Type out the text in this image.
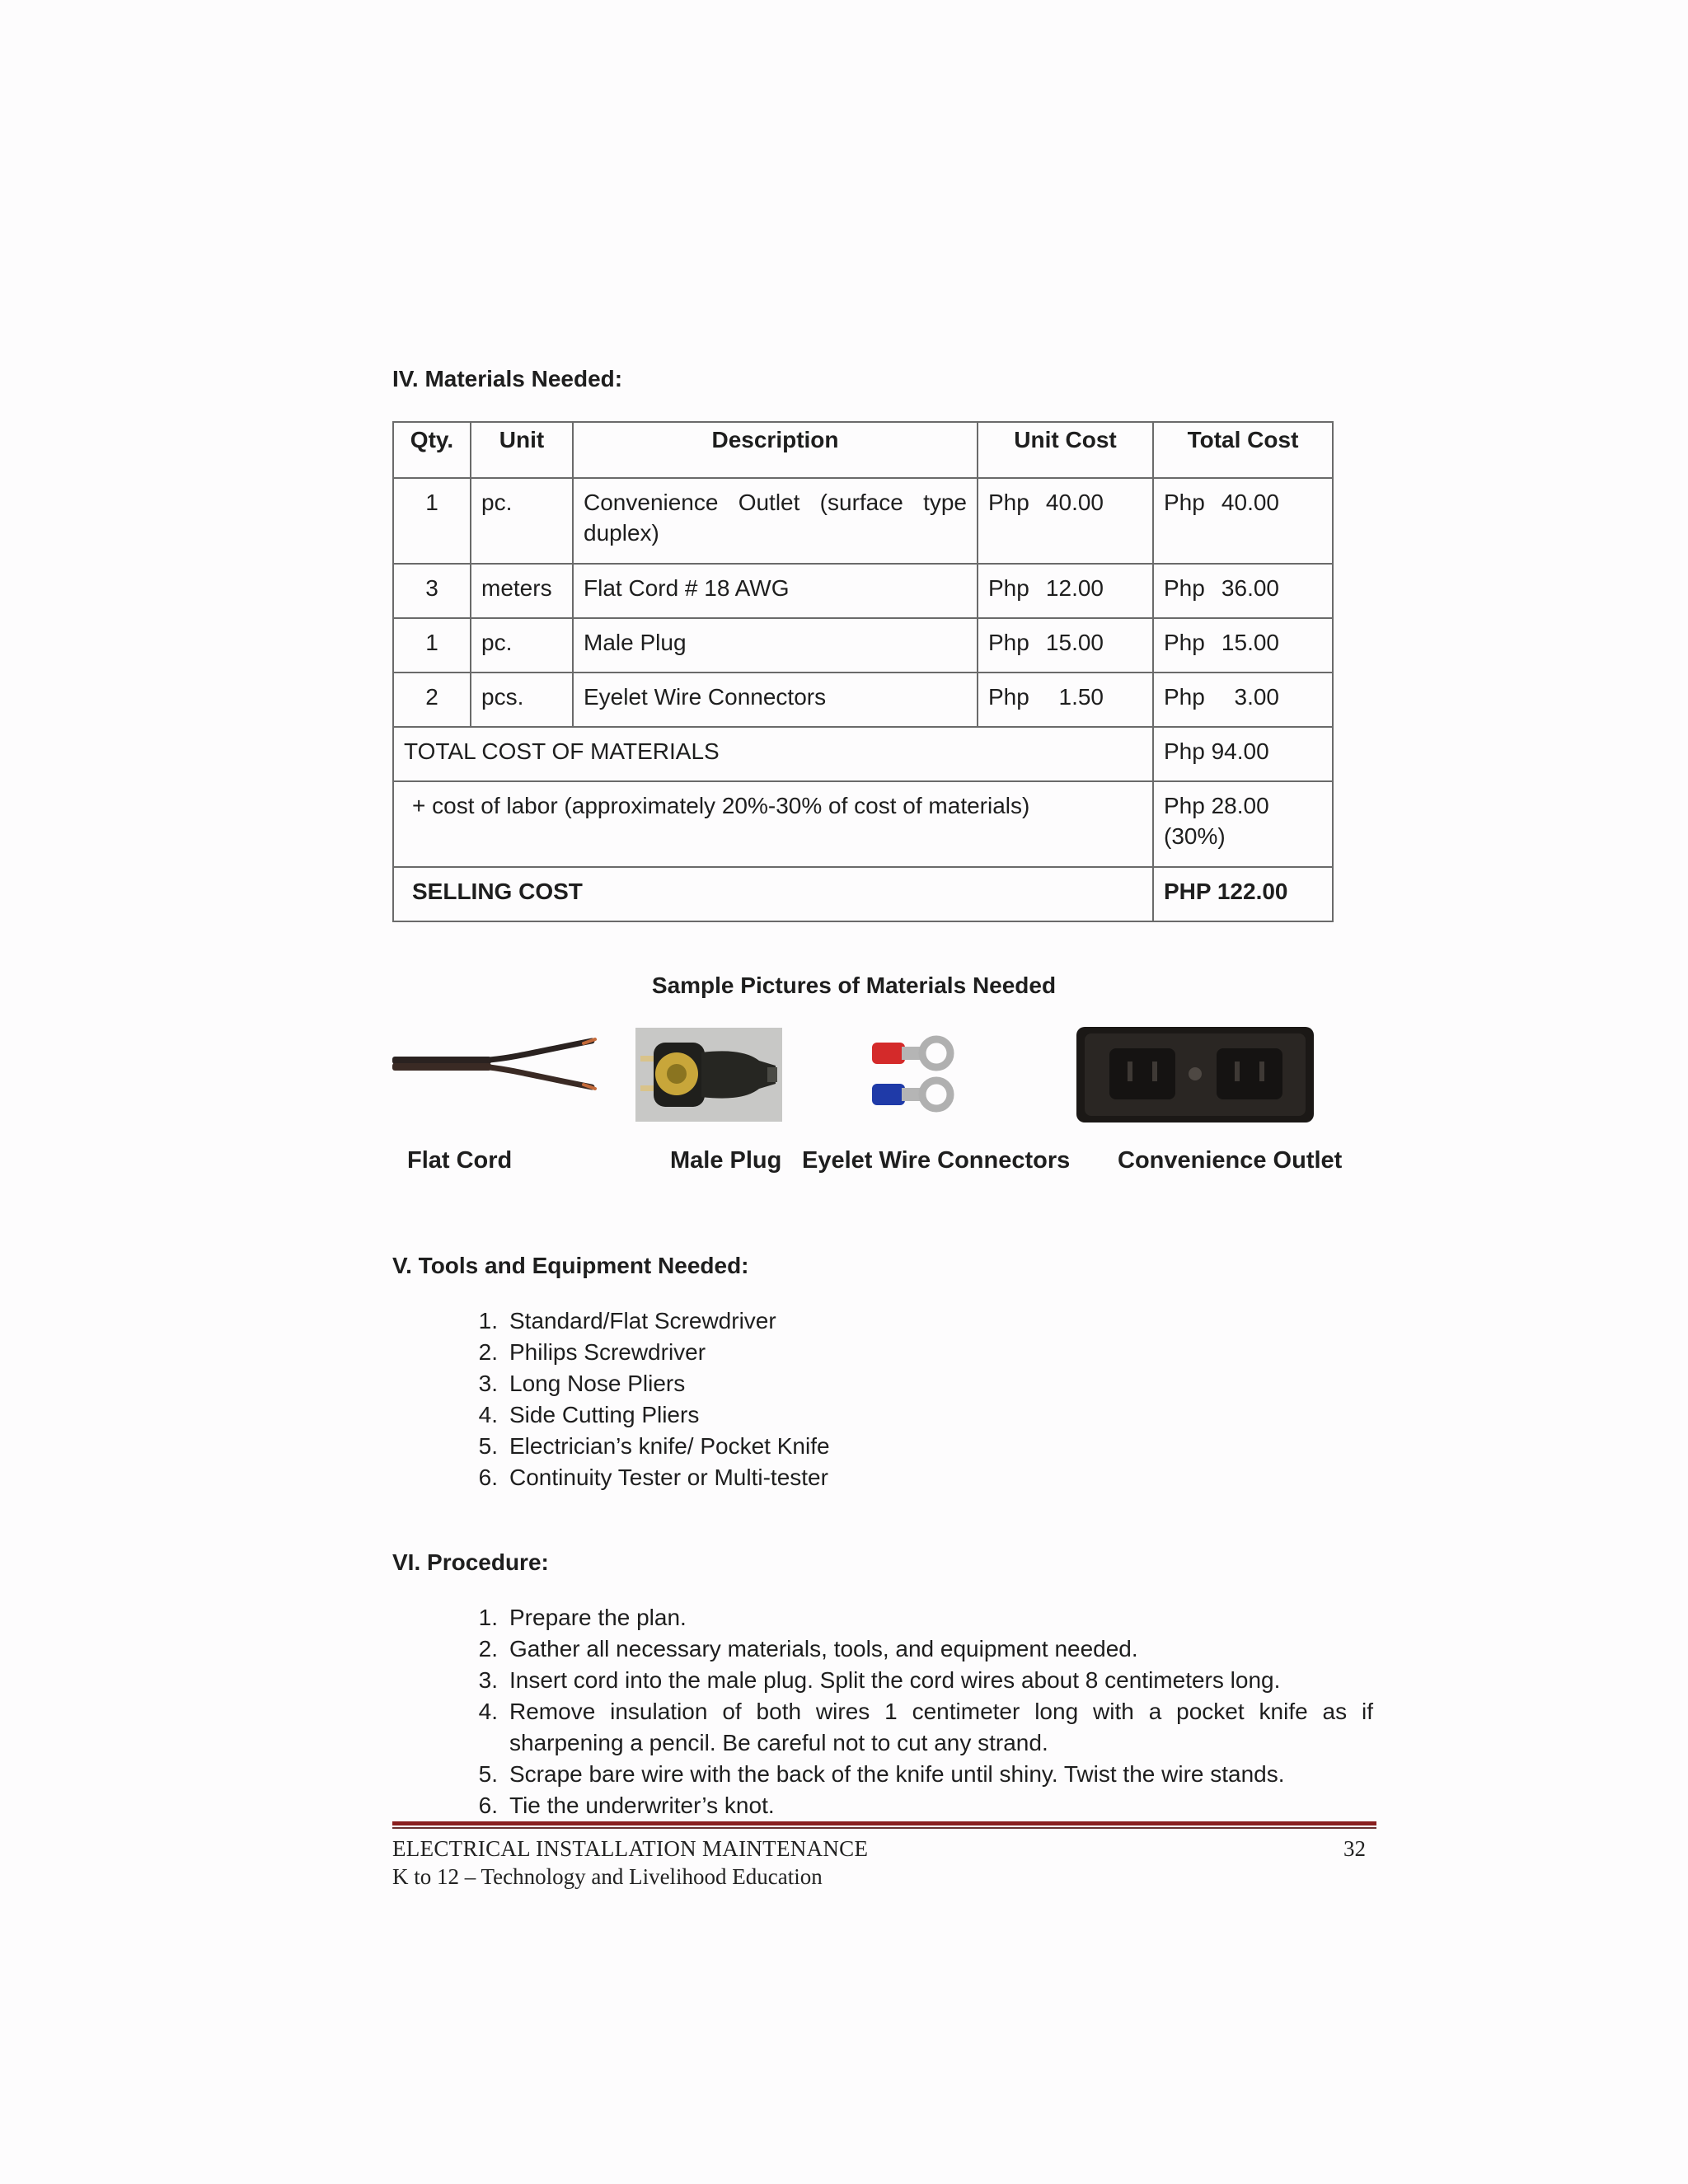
IV. Materials Needed:
Qty.	Unit	Description	Unit Cost	Total Cost
1	pc.	Convenience Outlet (surface type duplex)	Php 40.00	Php 40.00
3	meters	Flat Cord # 18 AWG	Php 12.00	Php 36.00
1	pc.	Male Plug	Php 15.00	Php 15.00
2	pcs.	Eyelet Wire Connectors	Php 1.50	Php 3.00
TOTAL COST OF MATERIALS				Php 94.00
+ cost of labor (approximately 20%-30% of cost of materials)				Php 28.00
(30%)
SELLING COST				PHP 122.00
Sample Pictures of Materials Needed
Flat Cord	Male Plug Eyelet Wire Connectors Convenience Outlet
V. Tools and Equipment Needed:
1. Standard/Flat Screwdriver
2. Philips Screwdriver
3. Long Nose Pliers
4. Side Cutting Pliers
5. Electrician’s knife/ Pocket Knife
6. Continuity Tester or Multi-tester
VI. Procedure:
1. Prepare the plan.
2. Gather all necessary materials, tools, and equipment needed.
3. Insert cord into the male plug. Split the cord wires about 8 centimeters long.
4. Remove insulation of both wires 1 centimeter long with a pocket knife as if sharpening a pencil. Be careful not to cut any strand.
5. Scrape bare wire with the back of the knife until shiny. Twist the wire stands.
6. Tie the underwriter’s knot.
ELECTRICAL INSTALLATION MAINTENANCE
K to 12 – Technology and Livelihood Education
32
